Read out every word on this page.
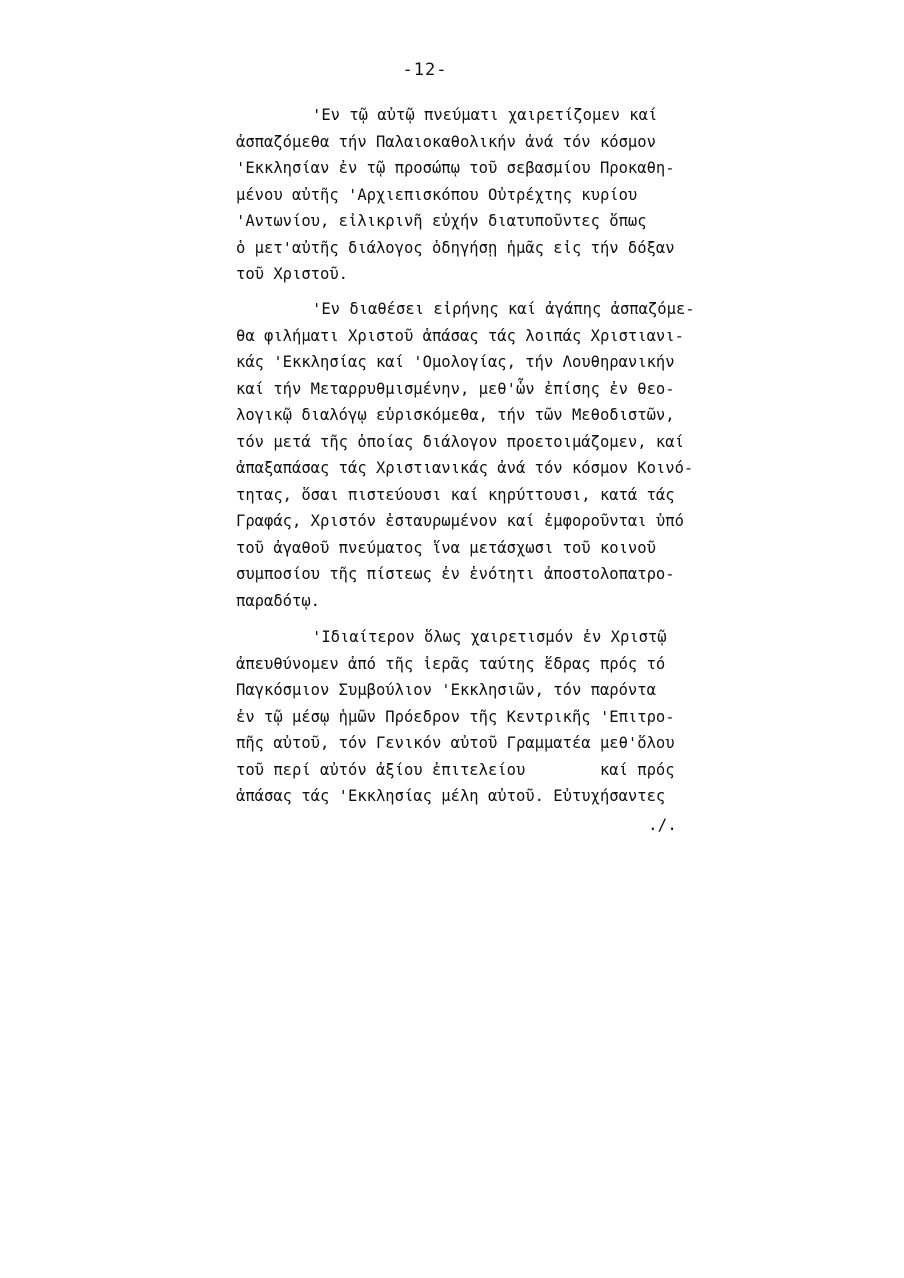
-12-
'Εν τῷ αὐτῷ πνεύματι χαιρετίζομεν καί
ἀσπαζόμεθα τήν Παλαιοκαθολικήν ἀνά τόν κόσμον
'Εκκλησίαν ἐν τῷ προσώπῳ τοῦ σεβασμίου Προκαθη-
μένου αὐτῆς 'Αρχιεπισκόπου Οὐτρέχτης κυρίου
'Αντωνίου, εἰλικρινῆ εὐχήν διατυποῦντες ὅπως
ὁ μετ'αὐτῆς διάλογος ὁδηγήσῃ ἡμᾶς εἰς τήν δόξαν
τοῦ Χριστοῦ.
'Εν διαθέσει εἰρήνης καί ἀγάπης ἀσπαζόμε-
θα φιλήματι Χριστοῦ ἁπάσας τάς λοιπάς Χριστιανι-
κάς 'Εκκλησίας καί 'Ομολογίας, τήν Λουθηρανικήν
καί τήν Μεταρρυθμισμένην, μεθ'ὧν ἐπίσης ἐν θεο-
λογικῷ διαλόγῳ εὑρισκόμεθα, τήν τῶν Μεθοδιστῶν,
τόν μετά τῆς ὁποίας διάλογον προετοιμάζομεν, καί
ἁπαξαπάσας τάς Χριστιανικάς ἀνά τόν κόσμον Κοινό-
τητας, ὅσαι πιστεύουσι καί κηρύττουσι, κατά τάς
Γραφάς, Χριστόν ἐσταυρωμένον καί ἐμφοροῦνται ὑπό
τοῦ ἀγαθοῦ πνεύματος ἵνα μετάσχωσι τοῦ κοινοῦ
συμποσίου τῆς πίστεως ἐν ἑνότητι ἀποστολοπατρο-
παραδότῳ.
'Ιδιαίτερον ὅλως χαιρετισμόν ἐν Χριστῷ
ἀπευθύνομεν ἀπό τῆς ἱερᾶς ταύτης ἕδρας πρός τό
Παγκόσμιον Συμβούλιον 'Εκκλησιῶν, τόν παρόντα
ἐν τῷ μέσῳ ἡμῶν Πρόεδρον τῆς Κεντρικῆς 'Επιτρο-
πῆς αὐτοῦ, τόν Γενικόν αὐτοῦ Γραμματέα μεθ'ὅλου
τοῦ περί αὐτόν ἀξίου ἐπιτελείου        καί πρός
ἁπάσας τάς 'Εκκλησίας μέλη αὐτοῦ. Εὐτυχήσαντες
./.
